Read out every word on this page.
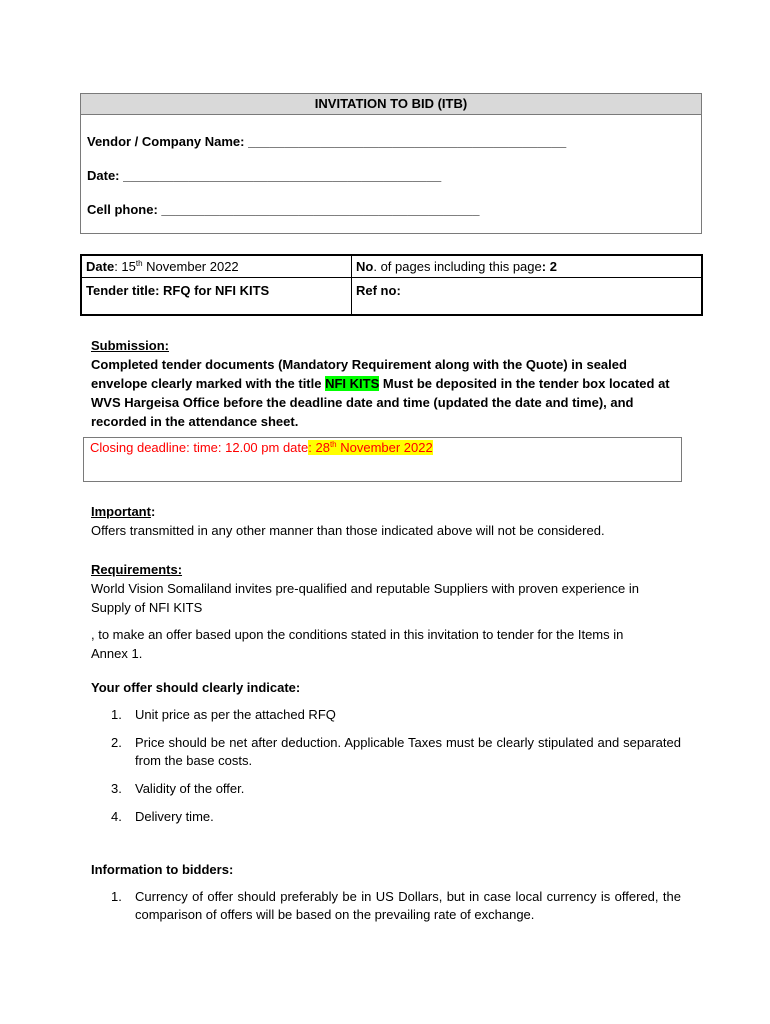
INVITATION TO BID (ITB)
Vendor / Company Name: ____________________________________________
Date: ____________________________________________
Cell phone: ____________________________________________
Date: 15th November 2022	No. of pages including this page: 2
Tender title: RFQ for NFI KITS	Ref no:
Submission:
Completed tender documents (Mandatory Requirement along with the Quote) in sealed
envelope clearly marked with the title NFI KITS Must be deposited in the tender box located at
WVS Hargeisa Office before the deadline date and time (updated the date and time), and
recorded in the attendance sheet.
Closing deadline: time: 12.00 pm date: 28th November 2022
Important:
Offers transmitted in any other manner than those indicated above will not be considered.
Requirements:
World Vision Somaliland invites pre-qualified and reputable Suppliers with proven experience in
Supply of NFI KITS
, to make an offer based upon the conditions stated in this invitation to tender for the Items in
Annex 1.
Your offer should clearly indicate:
1. Unit price as per the attached RFQ
2. Price should be net after deduction. Applicable Taxes must be clearly stipulated and separated from the base costs.
3. Validity of the offer.
4. Delivery time.
Information to bidders:
1. Currency of offer should preferably be in US Dollars, but in case local currency is offered, the comparison of offers will be based on the prevailing rate of exchange.
